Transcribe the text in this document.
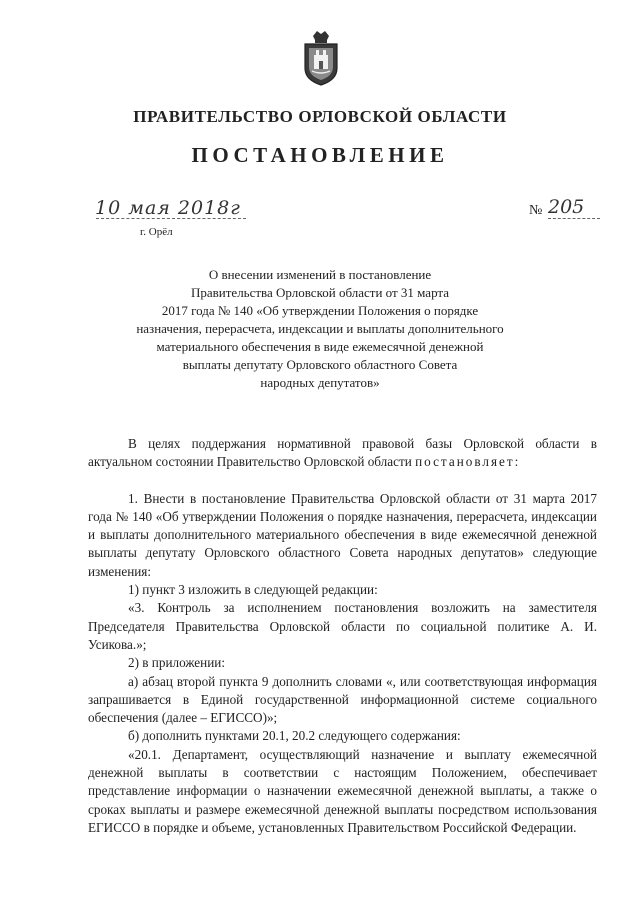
ПРАВИТЕЛЬСТВО ОРЛОВСКОЙ ОБЛАСТИ
ПОСТАНОВЛЕНИЕ
10 мая 2018г	№ 205
г. Орёл
О внесении изменений в постановление
Правительства Орловской области от 31 марта
2017 года № 140 «Об утверждении Положения о порядке
назначения, перерасчета, индексации и выплаты дополнительного
материального обеспечения в виде ежемесячной денежной
выплаты депутату Орловского областного Совета
народных депутатов»

В целях поддержания нормативной правовой базы Орловской области в актуальном состоянии Правительство Орловской области постановляет:

1. Внести в постановление Правительства Орловской области от 31 марта 2017 года № 140 «Об утверждении Положения о порядке назначения, перерасчета, индексации и выплаты дополнительного материального обеспечения в виде ежемесячной денежной выплаты депутату Орловского областного Совета народных депутатов» следующие изменения:

1) пункт 3 изложить в следующей редакции:

«3. Контроль за исполнением постановления возложить на заместителя Председателя Правительства Орловской области по социальной политике А. И. Усикова.»;

2) в приложении:

а) абзац второй пункта 9 дополнить словами «, или соответствующая информация запрашивается в Единой государственной информационной системе социального обеспечения (далее – ЕГИССО)»;

б) дополнить пунктами 20.1, 20.2 следующего содержания:

«20.1. Департамент, осуществляющий назначение и выплату ежемесячной денежной выплаты в соответствии с настоящим Положением, обеспечивает представление информации о назначении ежемесячной денежной выплаты, а также о сроках выплаты и размере ежемесячной денежной выплаты посредством использования ЕГИССО в порядке и объеме, установленных Правительством Российской Федерации.
